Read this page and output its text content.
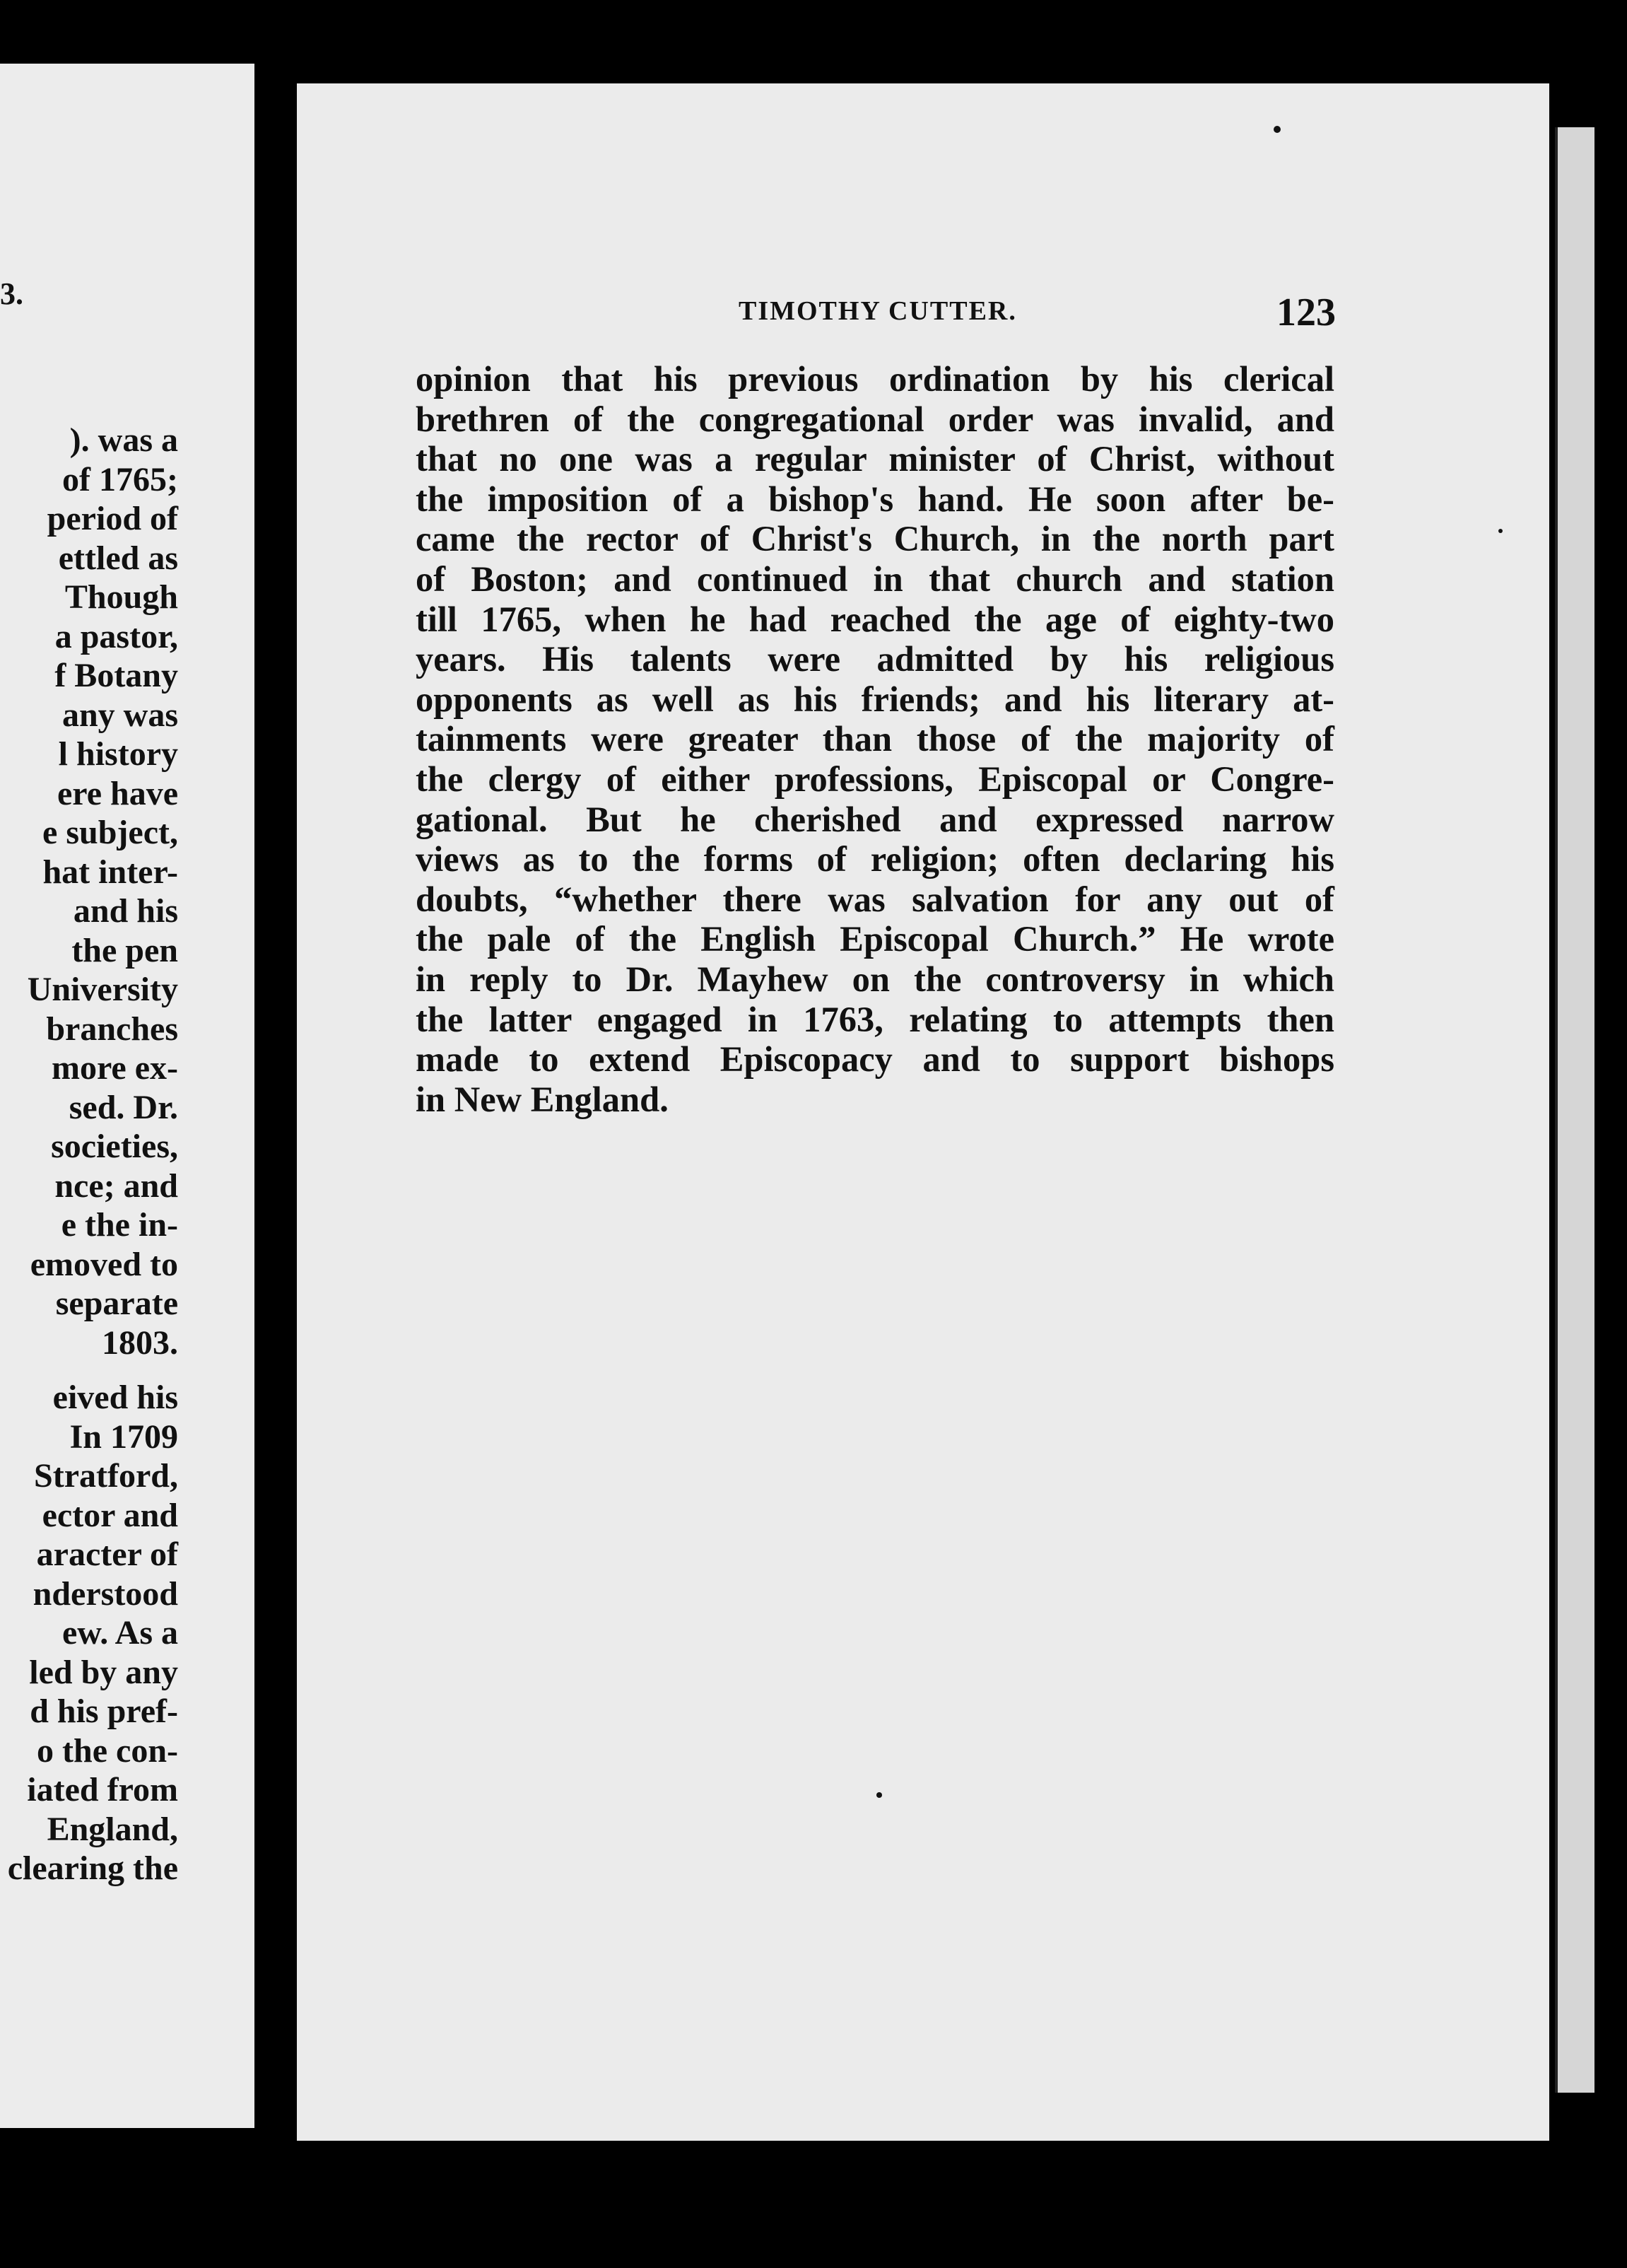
3.
). was a
of 1765;
period of
ettled as
Though
a pastor,
f Botany
any was
l history
ere have
e subject,
hat inter-
and his
the pen
University
branches
more ex-
sed. Dr.
societies,
nce; and
e the in-
emoved to
separate
1803.
eived his
In 1709
Stratford,
ector and
aracter of
nderstood
ew. As a
led by any
d his pref-
o the con-
iated from
England,
clearing the
TIMOTHY CUTTER.	123
opinion that his previous ordination by his clerical
brethren of the congregational order was invalid, and
that no one was a regular minister of Christ, without
the imposition of a bishop's hand. He soon after be-
came the rector of Christ's Church, in the north part
of Boston; and continued in that church and station
till 1765, when he had reached the age of eighty-two
years. His talents were admitted by his religious
opponents as well as his friends; and his literary at-
tainments were greater than those of the majority of
the clergy of either professions, Episcopal or Congre-
gational. But he cherished and expressed narrow
views as to the forms of religion; often declaring his
doubts, “whether there was salvation for any out of
the pale of the English Episcopal Church.” He wrote
in reply to Dr. Mayhew on the controversy in which
the latter engaged in 1763, relating to attempts then
made to extend Episcopacy and to support bishops
in New England.
